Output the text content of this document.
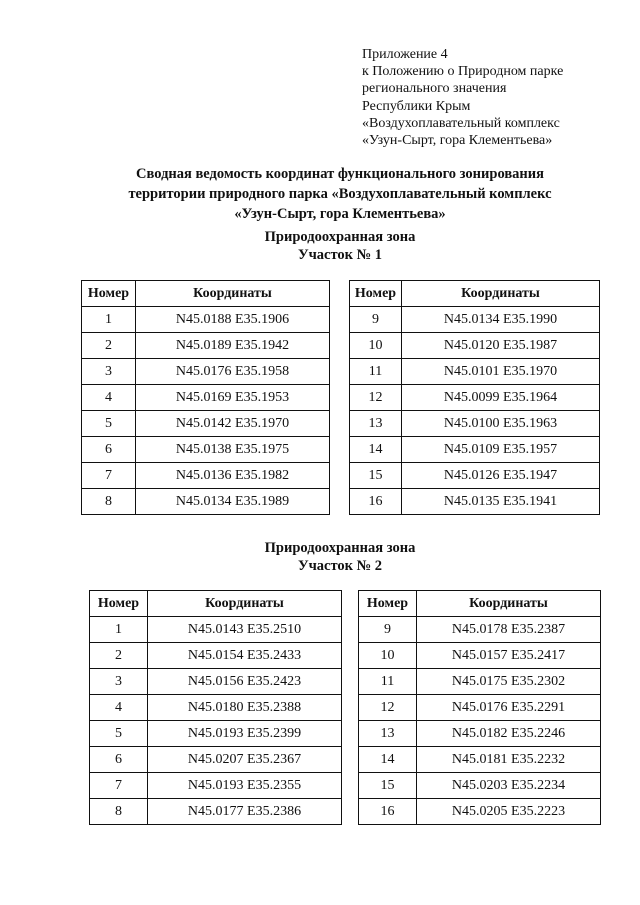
Приложение 4
к Положению о Природном парке
регионального значения
Республики Крым
«Воздухоплавательный комплекс
«Узун-Сырт, гора Клементьева»
Сводная ведомость координат функционального зонирования
территории природного парка «Воздухоплавательный комплекс
«Узун-Сырт, гора Клементьева»
Природоохранная зона
Участок № 1
Номер	Координаты
1	N45.0188 E35.1906
2	N45.0189 E35.1942
3	N45.0176 E35.1958
4	N45.0169 E35.1953
5	N45.0142 E35.1970
6	N45.0138 E35.1975
7	N45.0136 E35.1982
8	N45.0134 E35.1989
Номер	Координаты
9	N45.0134 E35.1990
10	N45.0120 E35.1987
11	N45.0101 E35.1970
12	N45.0099 E35.1964
13	N45.0100 E35.1963
14	N45.0109 E35.1957
15	N45.0126 E35.1947
16	N45.0135 E35.1941
Природоохранная зона
Участок № 2
Номер	Координаты
1	N45.0143 E35.2510
2	N45.0154 E35.2433
3	N45.0156 E35.2423
4	N45.0180 E35.2388
5	N45.0193 E35.2399
6	N45.0207 E35.2367
7	N45.0193 E35.2355
8	N45.0177 E35.2386
Номер	Координаты
9	N45.0178 E35.2387
10	N45.0157 E35.2417
11	N45.0175 E35.2302
12	N45.0176 E35.2291
13	N45.0182 E35.2246
14	N45.0181 E35.2232
15	N45.0203 E35.2234
16	N45.0205 E35.2223
